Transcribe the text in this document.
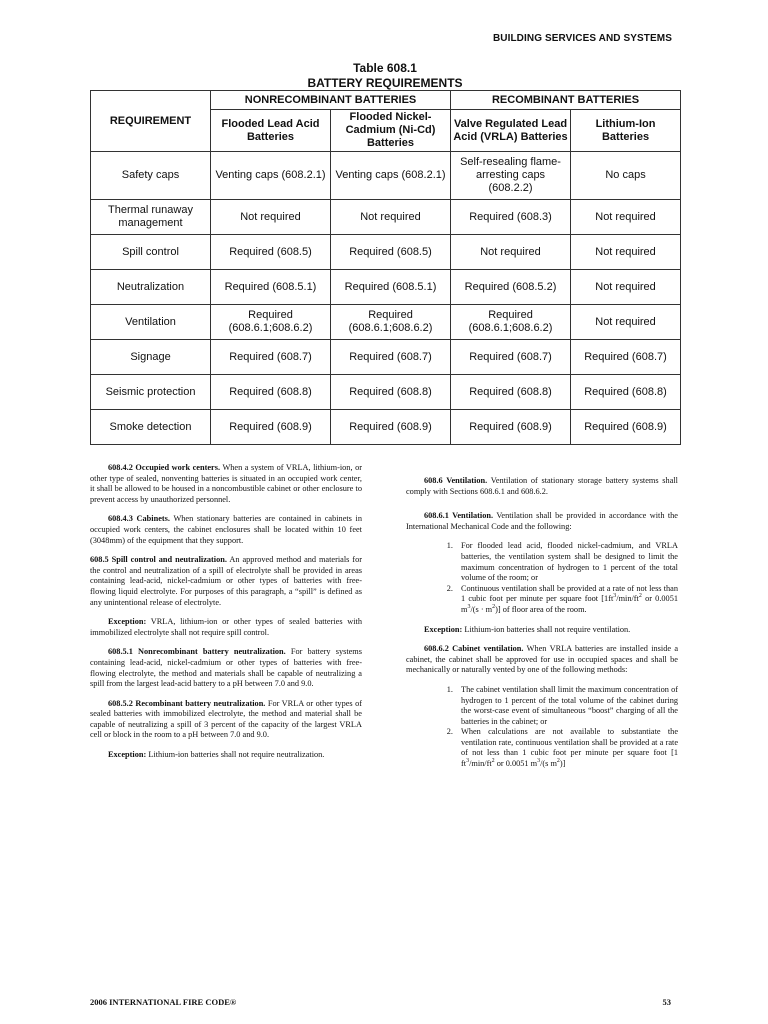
BUILDING SERVICES AND SYSTEMS
Table 608.1
BATTERY REQUIREMENTS
REQUIREMENT	NONRECOMBINANT BATTERIES		RECOMBINANT BATTERIES	
	Flooded Lead Acid Batteries	Flooded Nickel-Cadmium (Ni-Cd) Batteries	Valve Regulated Lead Acid (VRLA) Batteries	Lithium-Ion Batteries
Safety caps	Venting caps (608.2.1)	Venting caps (608.2.1)	Self-resealing flame-arresting caps (608.2.2)	No caps
Thermal runaway management	Not required	Not required	Required (608.3)	Not required
Spill control	Required (608.5)	Required (608.5)	Not required	Not required
Neutralization	Required (608.5.1)	Required (608.5.1)	Required (608.5.2)	Not required
Ventilation	Required (608.6.1;608.6.2)	Required (608.6.1;608.6.2)	Required (608.6.1;608.6.2)	Not required
Signage	Required (608.7)	Required (608.7)	Required (608.7)	Required (608.7)
Seismic protection	Required (608.8)	Required (608.8)	Required (608.8)	Required (608.8)
Smoke detection	Required (608.9)	Required (608.9)	Required (608.9)	Required (608.9)

608.4.2 Occupied work centers. When a system of VRLA, lithium-ion, or other type of sealed, nonventing batteries is situated in an occupied work center, it shall be allowed to be housed in a noncombustible cabinet or other enclosure to prevent access by unauthorized personnel.

608.4.3 Cabinets. When stationary batteries are contained in cabinets in occupied work centers, the cabinet enclosures shall be located within 10 feet (3048mm) of the equipment that they support.

608.5 Spill control and neutralization. An approved method and materials for the control and neutralization of a spill of electrolyte shall be provided in areas containing lead-acid, nickel-cadmium or other types of batteries with free-flowing liquid electrolyte. For purposes of this paragraph, a “spill” is defined as any unintentional release of electrolyte.

Exception: VRLA, lithium-ion or other types of sealed batteries with immobilized electrolyte shall not require spill control.

608.5.1 Nonrecombinant battery neutralization. For battery systems containing lead-acid, nickel-cadmium or other types of batteries with free-flowing electrolyte, the method and materials shall be capable of neutralizing a spill from the largest lead-acid battery to a pH between 7.0 and 9.0.

608.5.2 Recombinant battery neutralization. For VRLA or other types of sealed batteries with immobilized electrolyte, the method and material shall be capable of neutralizing a spill of 3 percent of the capacity of the largest VRLA cell or block in the room to a pH between 7.0 and 9.0.

Exception: Lithium-ion batteries shall not require neutralization.

608.6 Ventilation. Ventilation of stationary storage battery systems shall comply with Sections 608.6.1 and 608.6.2.

608.6.1 Ventilation. Ventilation shall be provided in accordance with the International Mechanical Code and the following:

1. For flooded lead acid, flooded nickel-cadmium, and VRLA batteries, the ventilation system shall be designed to limit the maximum concentration of hydrogen to 1 percent of the total volume of the room; or
2. Continuous ventilation shall be provided at a rate of not less than 1 cubic foot per minute per square foot [$1ft^3/\min/ft^2$ or 0.0051 $m^3/(s \cdot m^2)$] of floor area of the room.

Exception: Lithium-ion batteries shall not require ventilation.

608.6.2 Cabinet ventilation. When VRLA batteries are installed inside a cabinet, the cabinet shall be approved for use in occupied spaces and shall be mechanically or naturally vented by one of the following methods:

1. The cabinet ventilation shall limit the maximum concentration of hydrogen to 1 percent of the total volume of the cabinet during the worst-case event of simultaneous “boost” charging of all the batteries in the cabinet; or
2. When calculations are not available to substantiate the ventilation rate, continuous ventilation shall be provided at a rate of not less than 1 cubic foot per minute per square foot [1 $ft^3/\min/ft^2$ or 0.0051 $m^3/(s$ $m^2$)]
2006 INTERNATIONAL FIRE CODE®	53
